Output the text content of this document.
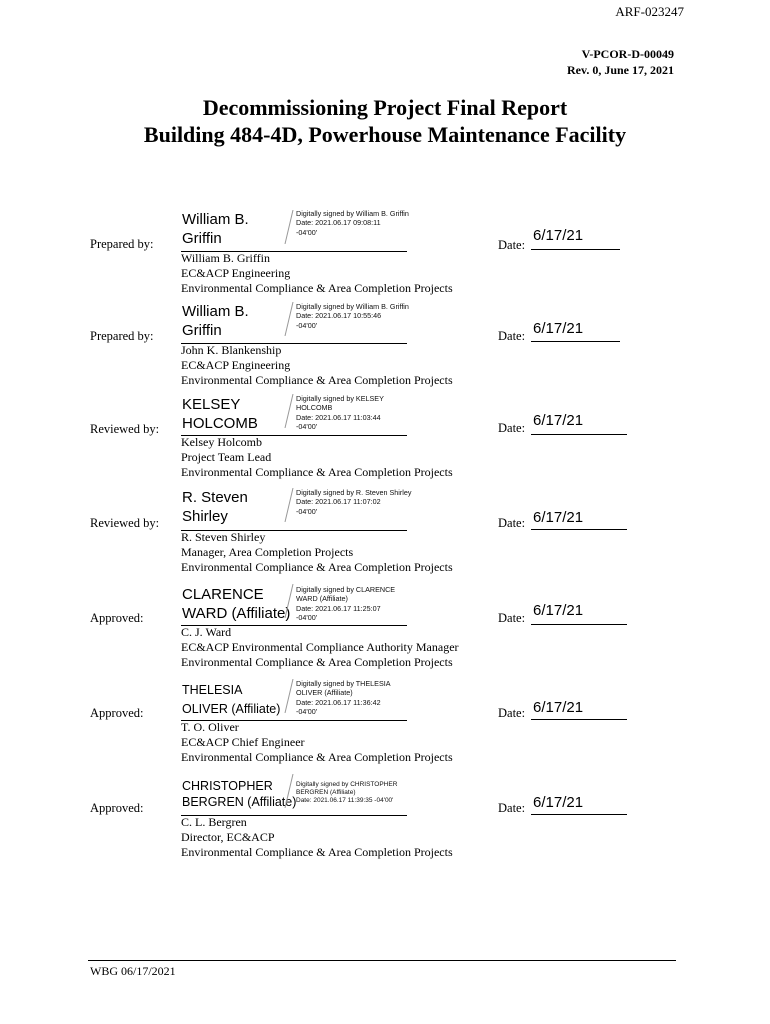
ARF-023247
V-PCOR-D-00049
Rev. 0, June 17, 2021
Decommissioning Project Final Report
Building 484-4D, Powerhouse Maintenance Facility
Prepared by:
William B.
Griffin
Digitally signed by William B. Griffin
Date: 2021.06.17 09:08:11
-04'00'
William B. Griffin
EC&ACP Engineering
Environmental Compliance & Area Completion Projects
Date:
6/17/21
Prepared by:
William B.
Griffin
Digitally signed by William B. Griffin
Date: 2021.06.17 10:55:46
-04'00'
John K. Blankenship
EC&ACP Engineering
Environmental Compliance & Area Completion Projects
Date: 6/17/21
Reviewed by:
KELSEY
HOLCOMB
Digitally signed by KELSEY HOLCOMB
Date: 2021.06.17 11:03:44
-04'00'
Kelsey Holcomb
Project Team Lead
Environmental Compliance & Area Completion Projects
Date: 6/17/21
Reviewed by:
R. Steven
Shirley
Digitally signed by R. Steven Shirley
Date: 2021.06.17 11:07:02
-04'00'
R. Steven Shirley
Manager, Area Completion Projects
Environmental Compliance & Area Completion Projects
Date: 6/17/21
Approved:
CLARENCE
WARD (Affiliate)
Digitally signed by CLARENCE WARD (Affiliate)
Date: 2021.06.17 11:25:07
-04'00'
C. J. Ward
EC&ACP Environmental Compliance Authority Manager
Environmental Compliance & Area Completion Projects
Date: 6/17/21
Approved:
THELESIA
OLIVER (Affiliate)
Digitally signed by THELESIA OLIVER (Affiliate)
Date: 2021.06.17 11:36:42
-04'00'
T. O. Oliver
EC&ACP Chief Engineer
Environmental Compliance & Area Completion Projects
Date: 6/17/21
Approved:
CHRISTOPHER
BERGREN (Affiliate)
Digitally signed by CHRISTOPHER BERGREN (Affiliate)
Date: 2021.06.17 11:39:35 -04'00'
C. L. Bergren
Director, EC&ACP
Environmental Compliance & Area Completion Projects
Date: 6/17/21
WBG 06/17/2021
